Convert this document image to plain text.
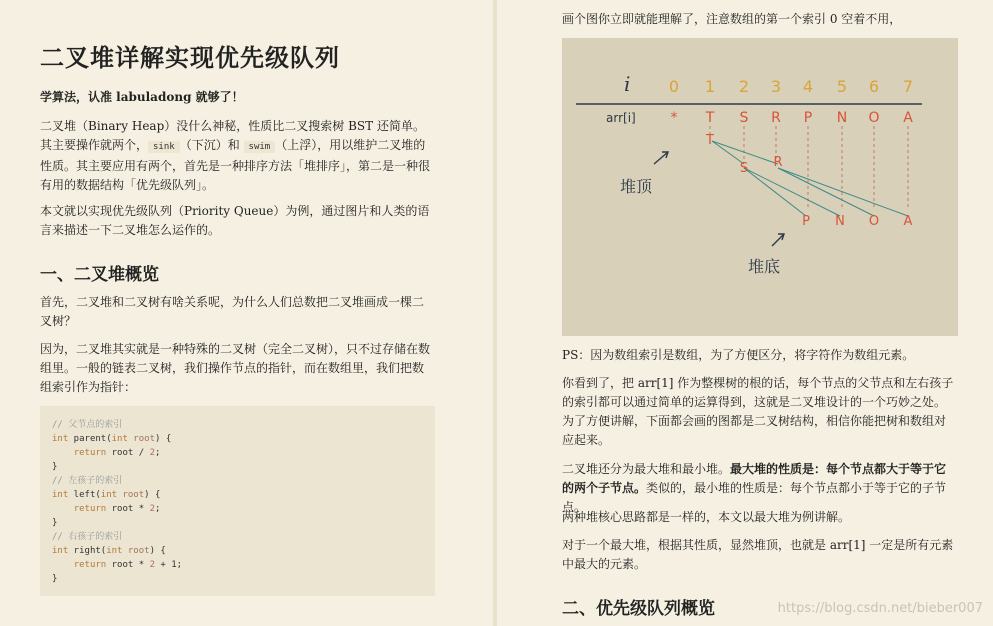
二叉堆详解实现优先级队列

学算法，认准 labuladong 就够了！

二叉堆（Binary Heap）没什么神秘，性质比二叉搜索树 BST 还简单。其主要操作就两个， sink （下沉）和 swim （上浮），用以维护二叉堆的性质。其主要应用有两个，首先是一种排序方法「堆排序」，第二是一种很有用的数据结构「优先级队列」。

本文就以实现优先级队列（Priority Queue）为例，通过图片和人类的语言来描述一下二叉堆怎么运作的。

一、二叉堆概览

首先，二叉堆和二叉树有啥关系呢，为什么人们总数把二叉堆画成一棵二叉树？

因为，二叉堆其实就是一种特殊的二叉树（完全二叉树），只不过存储在数组里。一般的链表二叉树，我们操作节点的指针，而在数组里，我们把数组索引作为指针：

// 父节点的索引
int parent(int root) {
return root / 2;
}
// 左孩子的索引
int left(int root) {
return root * 2;
}
// 右孩子的索引
int right(int root) {
return root * 2 + 1;
}

画个图你立即就能理解了，注意数组的第一个索引 0 空着不用，

i 0 1 2 3 4 5 6 7
arr[i] * T S R P N O A
T
S R
P N O A
堆顶
堆底

PS：因为数组索引是数组，为了方便区分，将字符作为数组元素。

你看到了，把 arr[1] 作为整棵树的根的话，每个节点的父节点和左右孩子的索引都可以通过简单的运算得到，这就是二叉堆设计的一个巧妙之处。为了方便讲解，下面都会画的图都是二叉树结构，相信你能把树和数组对应起来。

二叉堆还分为最大堆和最小堆。最大堆的性质是：每个节点都大于等于它的两个子节点。类似的，最小堆的性质是：每个节点都小于等于它的子节点。

两种堆核心思路都是一样的，本文以最大堆为例讲解。

对于一个最大堆，根据其性质，显然堆顶，也就是 arr[1] 一定是所有元素中最大的元素。

二、优先级队列概览	https://blog.csdn.net/bieber007
